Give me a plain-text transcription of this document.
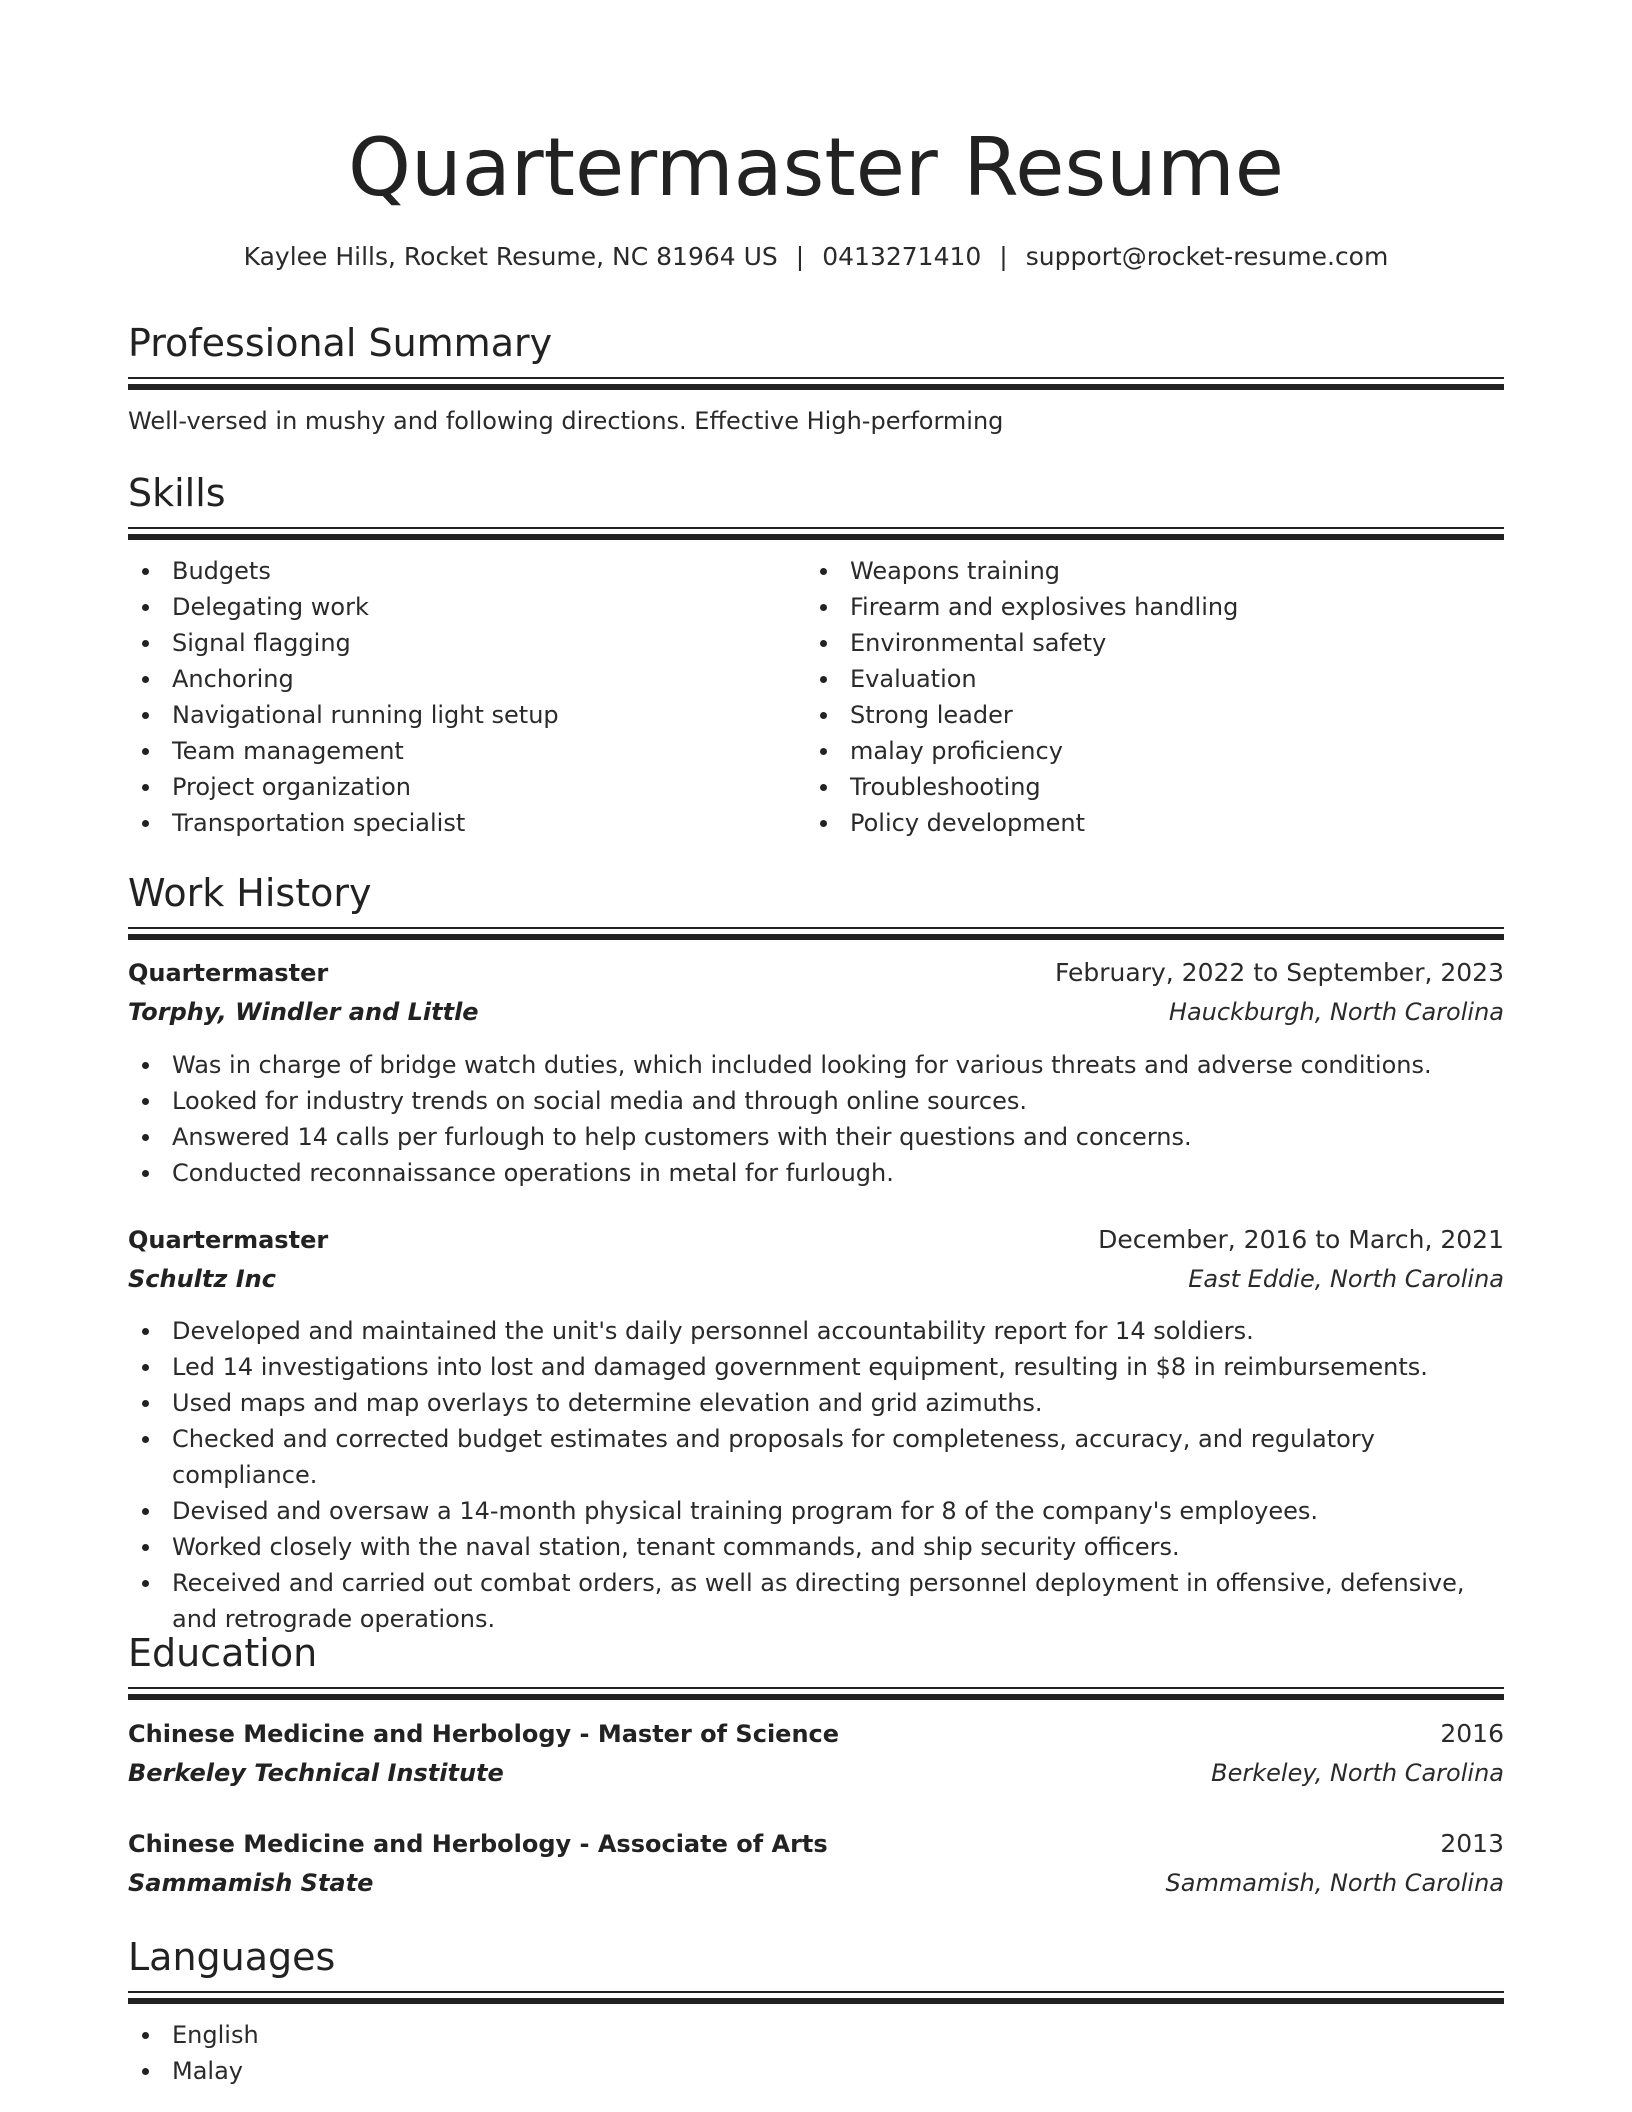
Quartermaster Resume
Kaylee Hills, Rocket Resume, NC 81964 US | 0413271410 | support@rocket-resume.com
Professional Summary
Well-versed in mushy and following directions. Effective High-performing
Skills
Budgets
Delegating work
Signal flagging
Anchoring
Navigational running light setup
Team management
Project organization
Transportation specialist
Weapons training
Firearm and explosives handling
Environmental safety
Evaluation
Strong leader
malay proficiency
Troubleshooting
Policy development
Work History
Quartermaster	February, 2022 to September, 2023
Torphy, Windler and Little	Hauckburgh, North Carolina
Was in charge of bridge watch duties, which included looking for various threats and adverse conditions.
Looked for industry trends on social media and through online sources.
Answered 14 calls per furlough to help customers with their questions and concerns.
Conducted reconnaissance operations in metal for furlough.
Quartermaster	December, 2016 to March, 2021
Schultz Inc	East Eddie, North Carolina
Developed and maintained the unit's daily personnel accountability report for 14 soldiers.
Led 14 investigations into lost and damaged government equipment, resulting in $8 in reimbursements.
Used maps and map overlays to determine elevation and grid azimuths.
Checked and corrected budget estimates and proposals for completeness, accuracy, and regulatory compliance.
Devised and oversaw a 14-month physical training program for 8 of the company's employees.
Worked closely with the naval station, tenant commands, and ship security officers.
Received and carried out combat orders, as well as directing personnel deployment in offensive, defensive, and retrograde operations.
Education
Chinese Medicine and Herbology - Master of Science	2016
Berkeley Technical Institute	Berkeley, North Carolina
Chinese Medicine and Herbology - Associate of Arts	2013
Sammamish State	Sammamish, North Carolina
Languages
English
Malay
